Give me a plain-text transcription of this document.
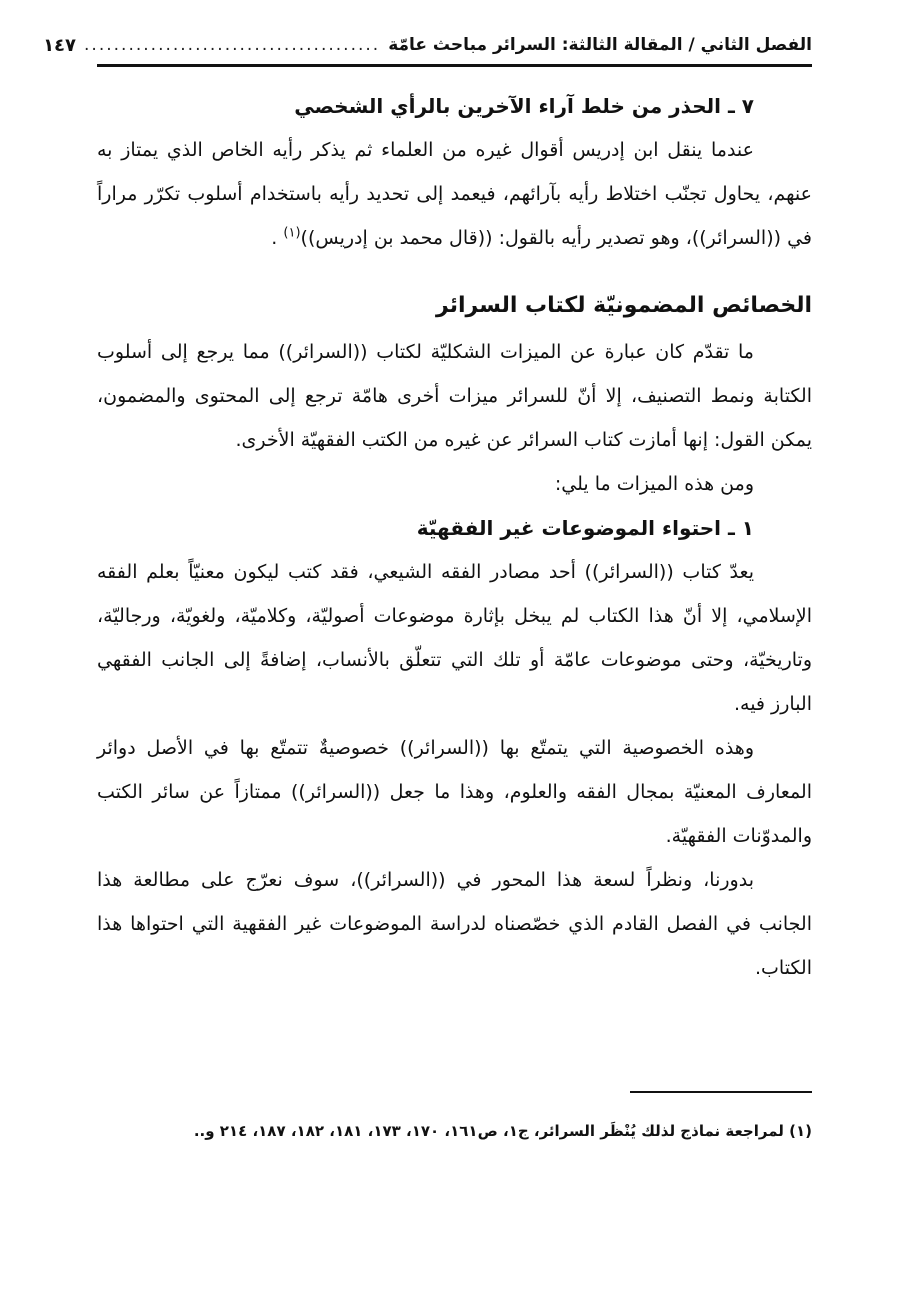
الفصل الثاني / المقالة الثالثة: السرائر مباحث عامّة
........................................
١٤٧

٧ ـ الحذر من خلط آراء الآخرين بالرأي الشخصي

عندما ينقل ابن إدريس أقوال غيره من العلماء ثم يذكر رأيه الخاص الذي يمتاز به عنهم، يحاول تجنّب اختلاط رأيه بآرائهم، فيعمد إلى تحديد رأيه باستخدام أسلوب تكرّر مراراً في ((السرائر))، وهو تصدير رأيه بالقول: ((قال محمد بن إدريس))$^{(١)}$ .

الخصائص المضمونيّة لكتاب السرائر

ما تقدّم كان عبارة عن الميزات الشكليّة لكتاب ((السرائر)) مما يرجع إلى أسلوب الكتابة ونمط التصنيف، إلا أنّ للسرائر ميزات أخرى هامّة ترجع إلى المحتوى والمضمون، يمكن القول: إنها أمازت كتاب السرائر عن غيره من الكتب الفقهيّة الأخرى.

ومن هذه الميزات ما يلي:

١ ـ احتواء الموضوعات غير الفقهيّة

يعدّ كتاب ((السرائر)) أحد مصادر الفقه الشيعي، فقد كتب ليكون معنيّاً بعلم الفقه الإسلامي، إلا أنّ هذا الكتاب لم يبخل بإثارة موضوعات أصوليّة، وكلاميّة، ولغويّة، ورجاليّة، وتاريخيّة، وحتى موضوعات عامّة أو تلك التي تتعلّق بالأنساب، إضافةً إلى الجانب الفقهي البارز فيه.

وهذه الخصوصية التي يتمتّع بها ((السرائر)) خصوصيةٌ تتمتّع بها في الأصل دوائر المعارف المعنيّة بمجال الفقه والعلوم، وهذا ما جعل ((السرائر)) ممتازاً عن سائر الكتب والمدوّنات الفقهيّة.

بدورنا، ونظراً لسعة هذا المحور في ((السرائر))، سوف نعرّج على مطالعة هذا الجانب في الفصل القادم الذي خصّصناه لدراسة الموضوعات غير الفقهية التي احتواها هذا الكتاب.

(١) لمراجعة نماذج لذلك يُنْظَر السرائر، ج١، ص١٦١، ١٧٠، ١٧٣، ١٨١، ١٨٢، ١٨٧، ٢١٤ و..
